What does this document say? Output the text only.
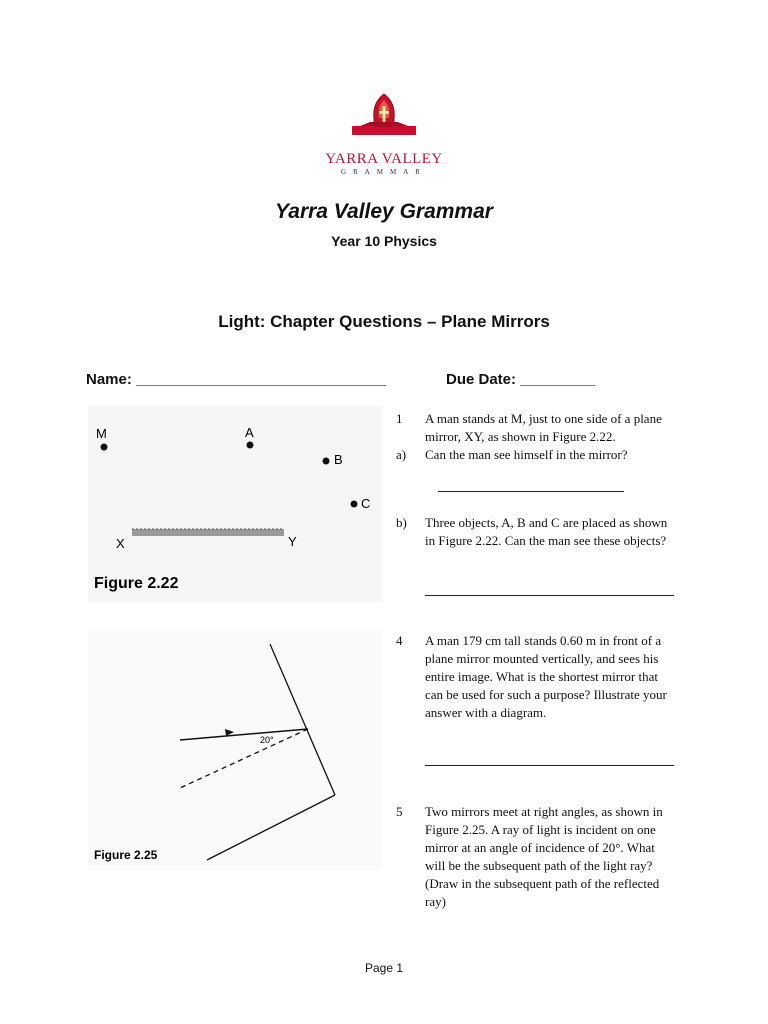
YARRA VALLEY
GRAMMAR
Yarra Valley Grammar
Year 10 Physics
Light: Chapter Questions – Plane Mirrors
Name: ______________________________	Due Date: _________
M	A
B
C
X	Y
Figure 2.22
20°
Figure 2.25
1 A man stands at M, just to one side of a plane mirror, XY, as shown in Figure 2.22.
a) Can the man see himself in the mirror?
b) Three objects, A, B and C are placed as shown in Figure 2.22. Can the man see these objects?
4 A man 179 cm tall stands 0.60 m in front of a plane mirror mounted vertically, and sees his entire image. What is the shortest mirror that can be used for such a purpose? Illustrate your answer with a diagram.
5 Two mirrors meet at right angles, as shown in Figure 2.25. A ray of light is incident on one mirror at an angle of incidence of 20°. What will be the subsequent path of the light ray? (Draw in the subsequent path of the reflected ray)
Page 1
